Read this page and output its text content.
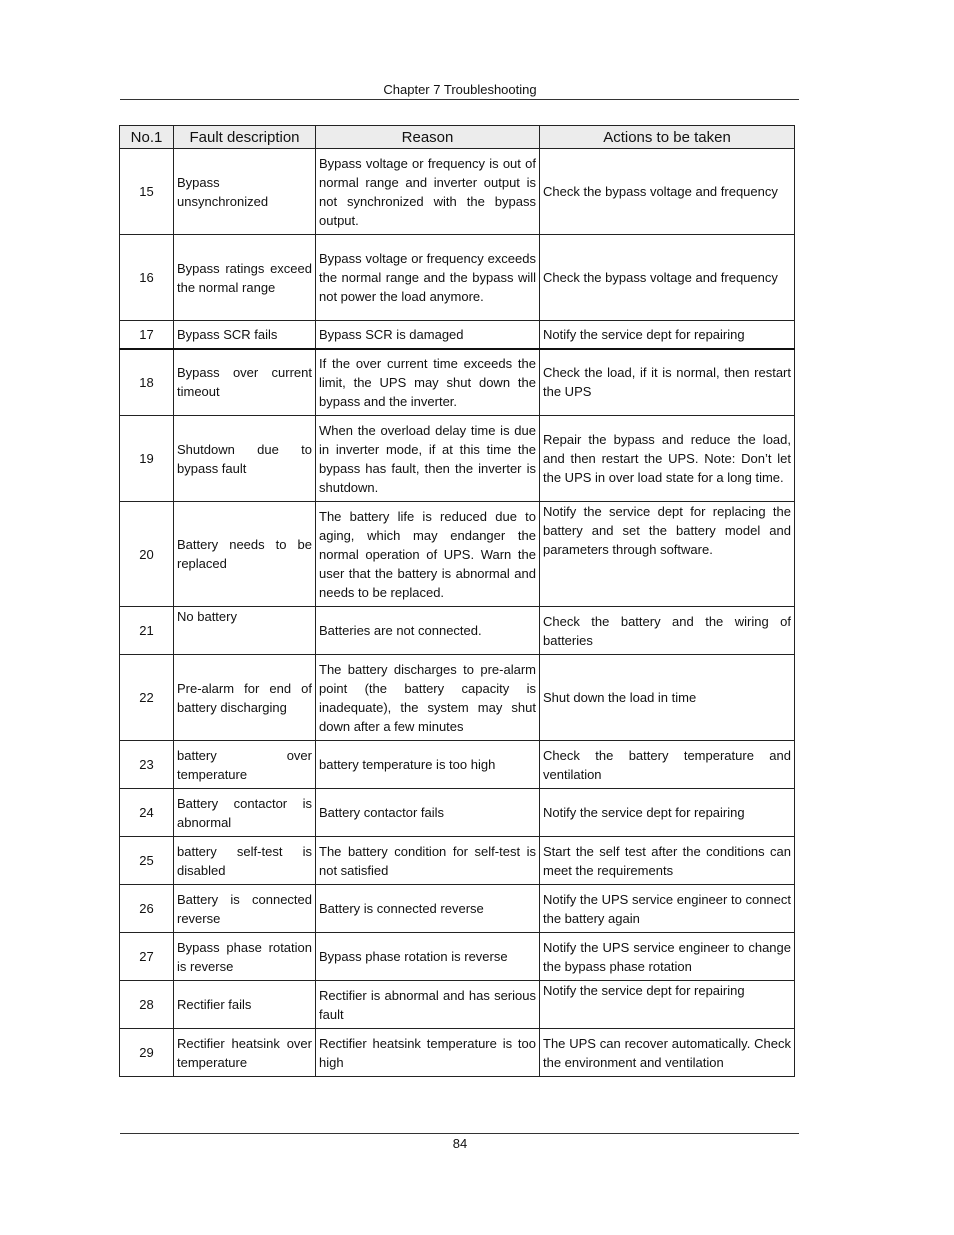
Chapter 7 Troubleshooting
No.1	Fault description	Reason	Actions to be taken
15	Bypass unsynchronized	Bypass voltage or frequency is out of normal range and inverter output is not synchronized with the bypass output.	Check the bypass voltage and frequency
16	Bypass ratings exceed the normal range	Bypass voltage or frequency exceeds the normal range and the bypass will not power the load anymore.	Check the bypass voltage and frequency
17	Bypass SCR fails	Bypass SCR is damaged	Notify the service dept for repairing
18	Bypass over current timeout	If the over current time exceeds the limit, the UPS may shut down the bypass and the inverter.	Check the load, if it is normal, then restart the UPS
19	Shutdown due to bypass fault	When the overload delay time is due in inverter mode, if at this time the bypass has fault, then the inverter is shutdown.	Repair the bypass and reduce the load, and then restart the UPS. Note: Don’t let the UPS in over load state for a long time.
20	Battery needs to be replaced	The battery life is reduced due to aging, which may endanger the normal operation of UPS. Warn the user that the battery is abnormal and needs to be replaced.	Notify the service dept for replacing the battery and set the battery model and parameters through software.
21	No battery	Batteries are not connected.	Check the battery and the wiring of batteries
22	Pre-alarm for end of battery discharging	The battery discharges to pre-alarm point (the battery capacity is inadequate), the system may shut down after a few minutes	Shut down the load in time
23	battery over temperature	battery temperature is too high	Check the battery temperature and ventilation
24	Battery contactor is abnormal	Battery contactor fails	Notify the service dept for repairing
25	battery self-test is disabled	The battery condition for self-test is not satisfied	Start the self test after the conditions can meet the requirements
26	Battery is connected reverse	Battery is connected reverse	Notify the UPS service engineer to connect the battery again
27	Bypass phase rotation is reverse	Bypass phase rotation is reverse	Notify the UPS service engineer to change the bypass phase rotation
28	Rectifier fails	Rectifier is abnormal and has serious fault	Notify the service dept for repairing
29	Rectifier heatsink over temperature	Rectifier heatsink temperature is too high	The UPS can recover automatically. Check the environment and ventilation
84
